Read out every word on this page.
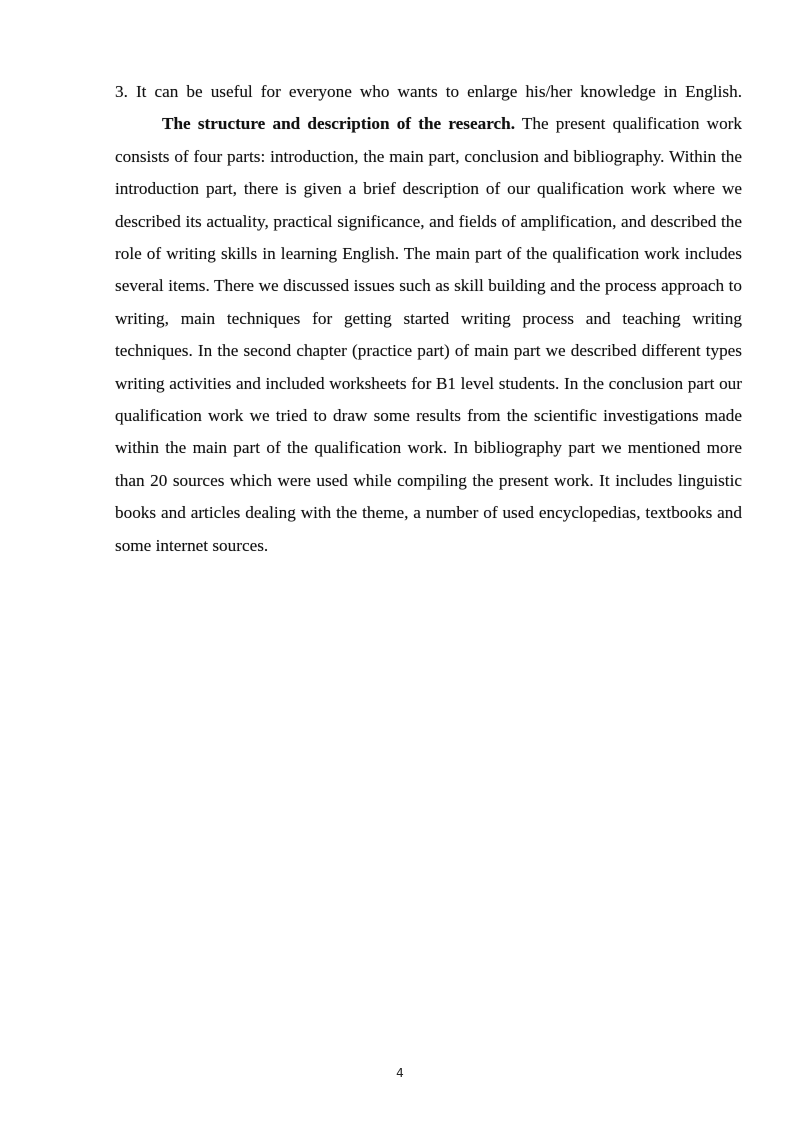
3. It can be useful for everyone who wants to enlarge his/her knowledge in English.

The structure and description of the research. The present qualification work consists of four parts: introduction, the main part, conclusion and bibliography. Within the introduction part, there is given a brief description of our qualification work where we described its actuality, practical significance, and fields of amplification, and described the role of writing skills in learning English. The main part of the qualification work includes several items. There we discussed issues such as skill building and the process approach to writing, main techniques for getting started writing process and teaching writing techniques. In the second chapter (practice part) of main part we described different types writing activities and included worksheets for B1 level students. In the conclusion part our qualification work we tried to draw some results from the scientific investigations made within the main part of the qualification work. In bibliography part we mentioned more than 20 sources which were used while compiling the present work. It includes linguistic books and articles dealing with the theme, a number of used encyclopedias, textbooks and some internet sources.

4
